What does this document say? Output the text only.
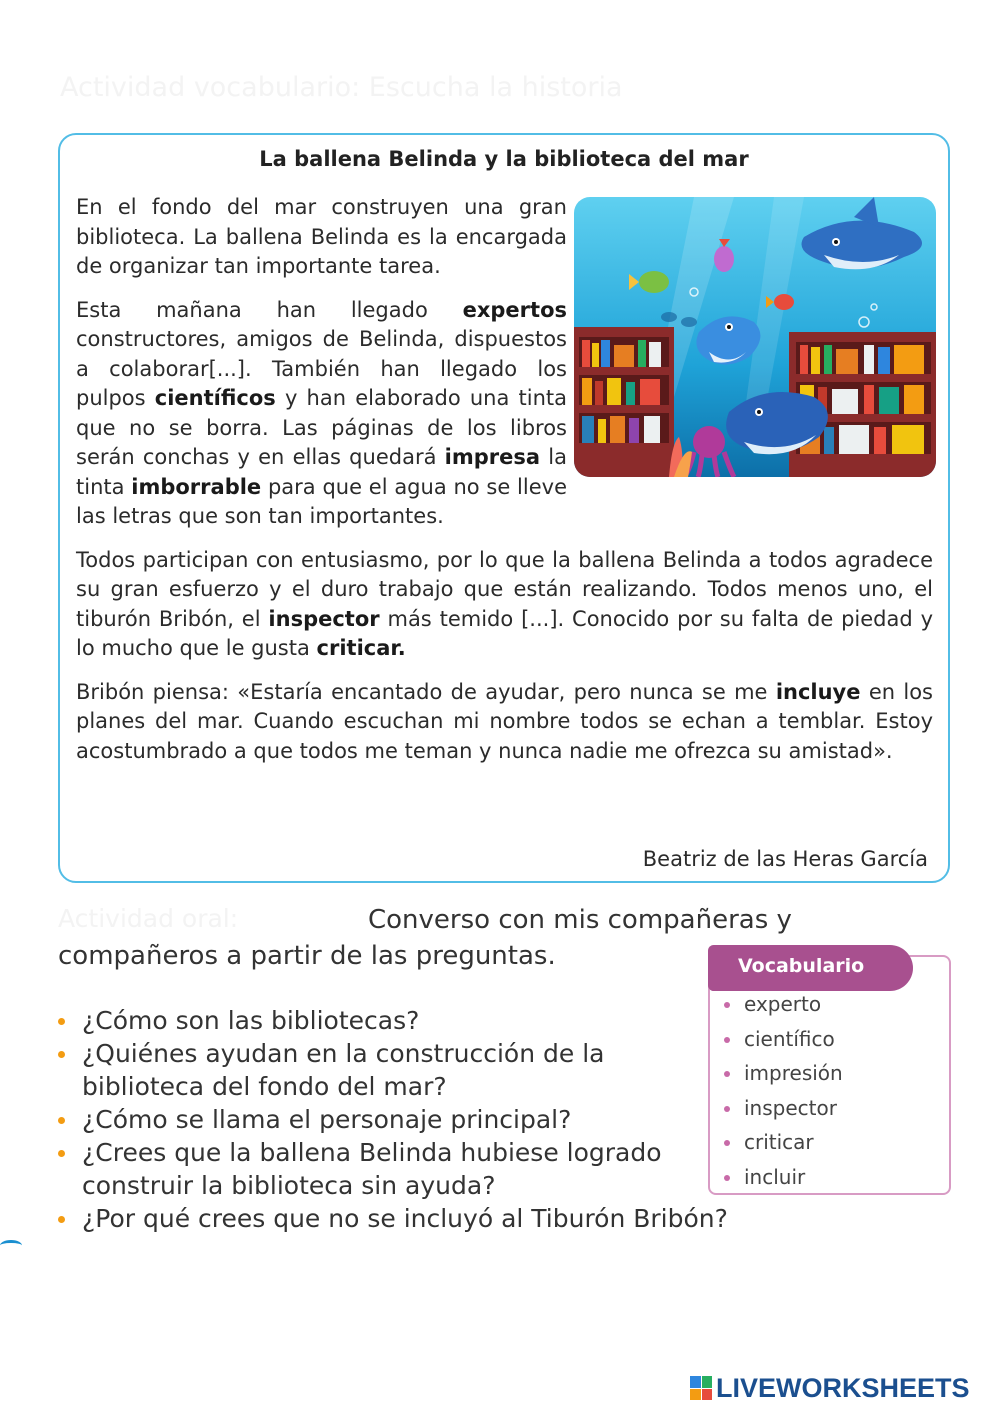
Actividad vocabulario: Escucha la historia
La ballena Belinda y la biblioteca del mar

En el fondo del mar construyen una gran biblioteca. La ballena Belinda es la encargada de organizar tan importante tarea.

Esta mañana han llegado expertos constructores, amigos de Belinda, dispuestos a colaborar[...]. También han llegado los pulpos científicos y han elaborado una tinta que no se borra. Las páginas de los libros serán conchas y en ellas quedará impresa la tinta imborrable para que el agua no se lleve las letras que son tan importantes.

Todos participan con entusiasmo, por lo que la ballena Belinda a todos agradece su gran esfuerzo y el duro trabajo que están realizando. Todos menos uno, el tiburón Bribón, el inspector más temido [...]. Conocido por su falta de piedad y lo mucho que le gusta criticar.

Bribón piensa: «Estaría encantado de ayudar, pero nunca se me incluye en los planes del mar. Cuando escuchan mi nombre todos se echan a temblar. Estoy acostumbrado a que todos me teman y nunca nadie me ofrezca su amistad».

Beatriz de las Heras García
Actividad oral:	Converso con mis compañeras y compañeros a partir de las preguntas.
¿Cómo son las bibliotecas?
¿Quiénes ayudan en la construcción de la biblioteca del fondo del mar?
¿Cómo se llama el personaje principal?
¿Crees que la ballena Belinda hubiese logrado construir la biblioteca sin ayuda?
¿Por qué crees que no se incluyó al Tiburón Bribón?
Vocabulario
experto
científico
impresión
inspector
criticar
incluir
LIVEWORKSHEETS
